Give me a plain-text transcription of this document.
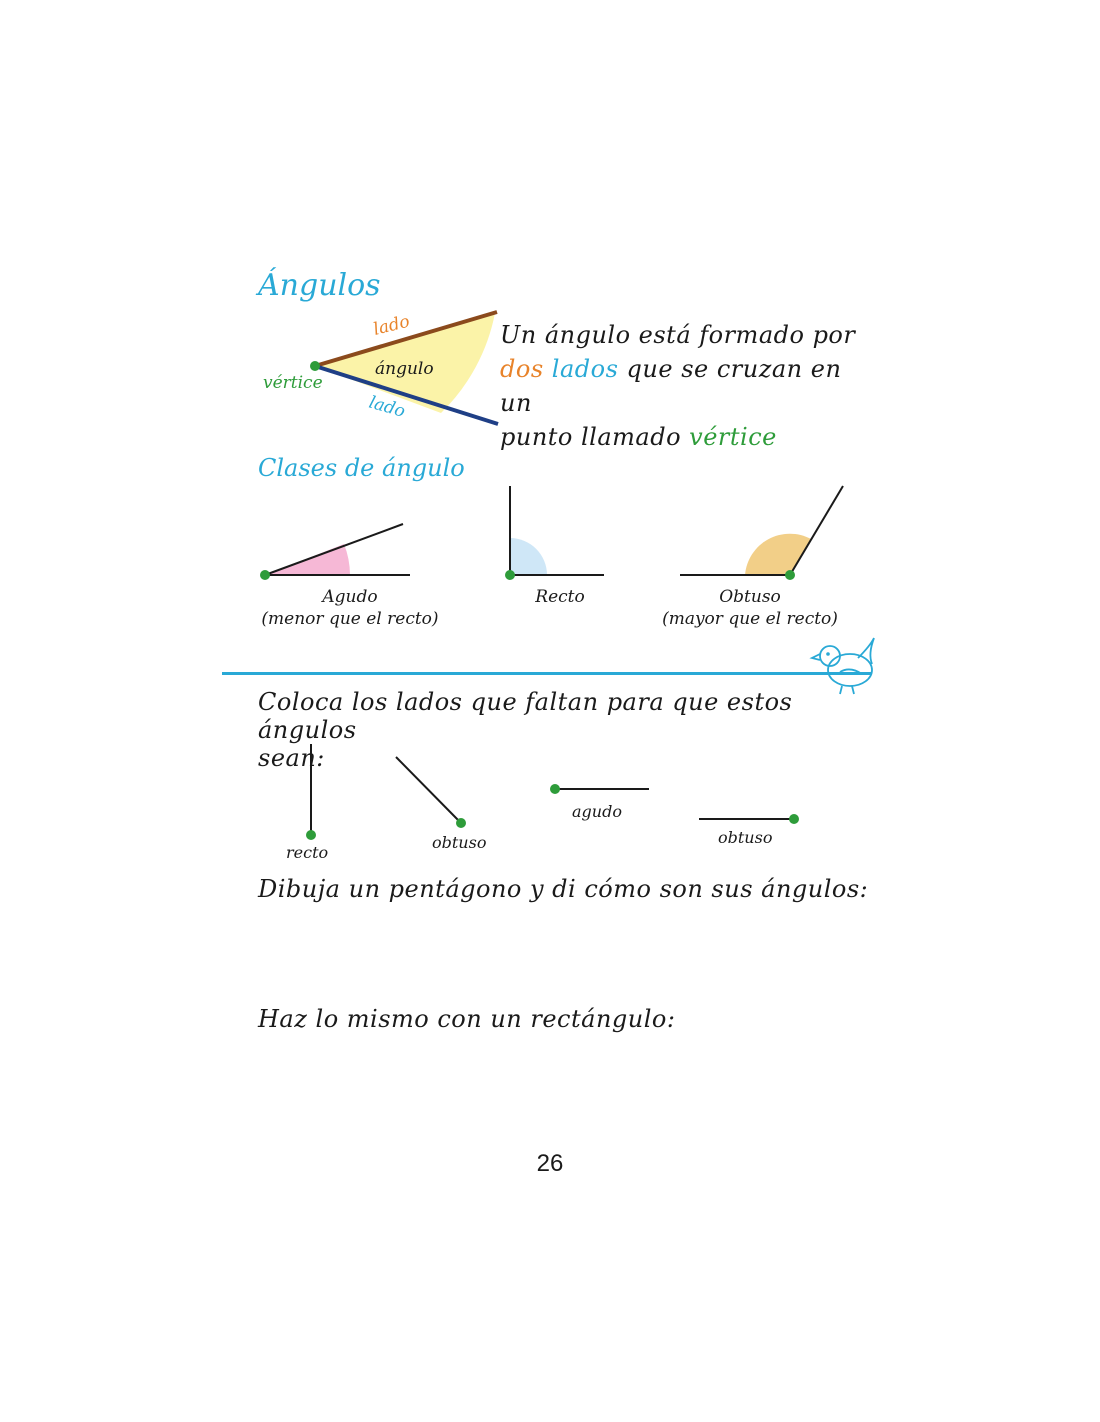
Ángulos
lado
ángulo
vértice
lado
Un ángulo está formado por
dos lados que se cruzan en un
punto llamado vértice
Clases de ángulo
Agudo
(menor que el recto)
Recto	Obtuso
(mayor que el recto)
Coloca los lados que faltan para que estos ángulos
sean:
recto
obtuso
agudo
obtuso
Dibuja un pentágono y di cómo son sus ángulos:
Haz lo mismo con un rectángulo:
26
